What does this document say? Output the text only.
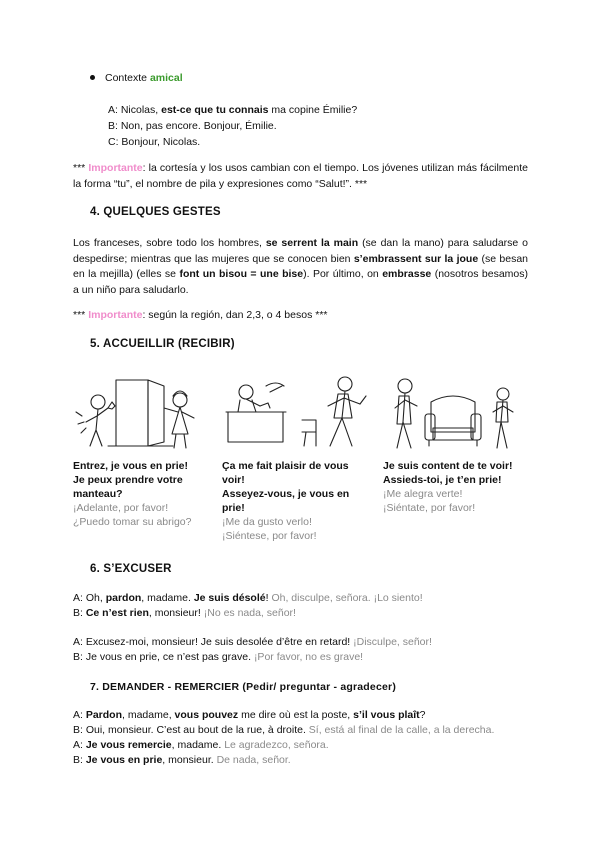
Contexte amical
A: Nicolas, est-ce que tu connais ma copine Émilie?
B: Non, pas encore. Bonjour, Émilie.
C: Bonjour, Nicolas.
*** Importante: la cortesía y los usos cambian con el tiempo. Los jóvenes utilizan más fácilmente la forma “tu”, el nombre de pila y expresiones como “Salut!”. ***
4. QUELQUES GESTES
Los franceses, sobre todo los hombres, se serrent la main (se dan la mano) para saludarse o despedirse; mientras que las mujeres que se conocen bien s’embrassent sur la joue (se besan en la mejilla) (elles se font un bisou = une bise). Por último, on embrasse (nosotros besamos) a un niño para saludarlo.
*** Importante: según la región, dan 2,3, o 4 besos ***
5. ACCUEILLIR (RECIBIR)
Entrez, je vous en prie!
Je peux prendre votre manteau?
¡Adelante, por favor!
¿Puedo tomar su abrigo?
Ça me fait plaisir de vous voir!
Asseyez-vous, je vous en prie!
¡Me da gusto verlo!
¡Siéntese, por favor!
Je suis content de te voir!
Assieds-toi, je t’en prie!
¡Me alegra verte!
¡Siéntate, por favor!
6. S’EXCUSER
A: Oh, pardon, madame. Je suis désolé! Oh, disculpe, señora. ¡Lo siento!
B: Ce n’est rien, monsieur! ¡No es nada, señor!
A: Excusez-moi, monsieur! Je suis desolée d’être en retard! ¡Disculpe, señor!
B: Je vous en prie, ce n’est pas grave. ¡Por favor, no es grave!
7. DEMANDER - REMERCIER (Pedir/ preguntar - agradecer)
A: Pardon, madame, vous pouvez me dire où est la poste, s’il vous plaît?
B: Oui, monsieur. C’est au bout de la rue, à droite. Sí, está al final de la calle, a la derecha.
A: Je vous remercie, madame. Le agradezco, señora.
B: Je vous en prie, monsieur. De nada, señor.
